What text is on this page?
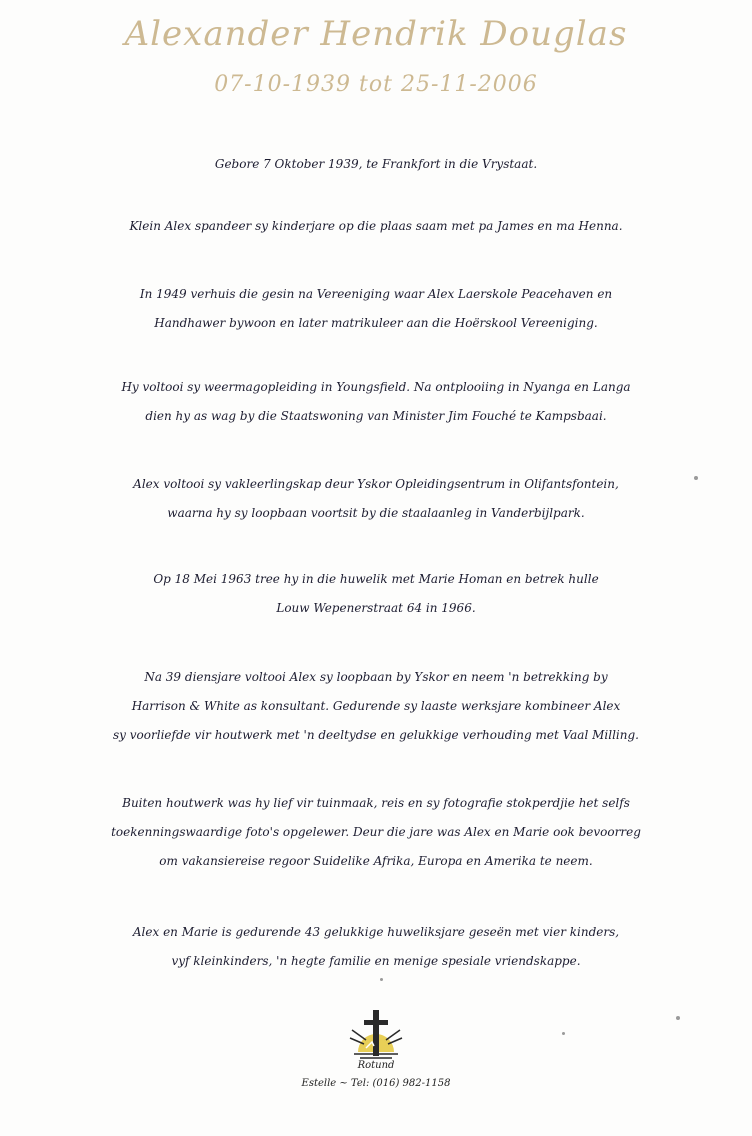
Alexander Hendrik Douglas
07-10-1939 tot 25-11-2006

Gebore 7 Oktober 1939, te Frankfort in die Vrystaat.

Klein Alex spandeer sy kinderjare op die plaas saam met pa James en ma Henna.

In 1949 verhuis die gesin na Vereeniging waar Alex Laerskole Peacehaven en
Handhawer bywoon en later matrikuleer aan die Hoërskool Vereeniging.

Hy voltooi sy weermagopleiding in Youngsfield. Na ontplooiing in Nyanga en Langa
dien hy as wag by die Staatswoning van Minister Jim Fouché te Kampsbaai.

Alex voltooi sy vakleerlingskap deur Yskor Opleidingsentrum in Olifantsfontein,
waarna hy sy loopbaan voortsit by die staalaanleg in Vanderbijlpark.

Op 18 Mei 1963 tree hy in die huwelik met Marie Homan en betrek hulle
Louw Wepenerstraat 64 in 1966.

Na 39 diensjare voltooi Alex sy loopbaan by Yskor en neem 'n betrekking by
Harrison & White as konsultant. Gedurende sy laaste werksjare kombineer Alex
sy voorliefde vir houtwerk met 'n deeltydse en gelukkige verhouding met Vaal Milling.

Buiten houtwerk was hy lief vir tuinmaak, reis en sy fotografie stokperdjie het selfs
toekenningswaardige foto's opgelewer. Deur die jare was Alex en Marie ook bevoorreg
om vakansiereise regoor Suidelike Afrika, Europa en Amerika te neem.

Alex en Marie is gedurende 43 gelukkige huweliksjare geseën met vier kinders,
vyf kleinkinders, 'n hegte familie en menige spesiale vriendskappe.

Rotund
Estelle ~ Tel: (016) 982-1158
